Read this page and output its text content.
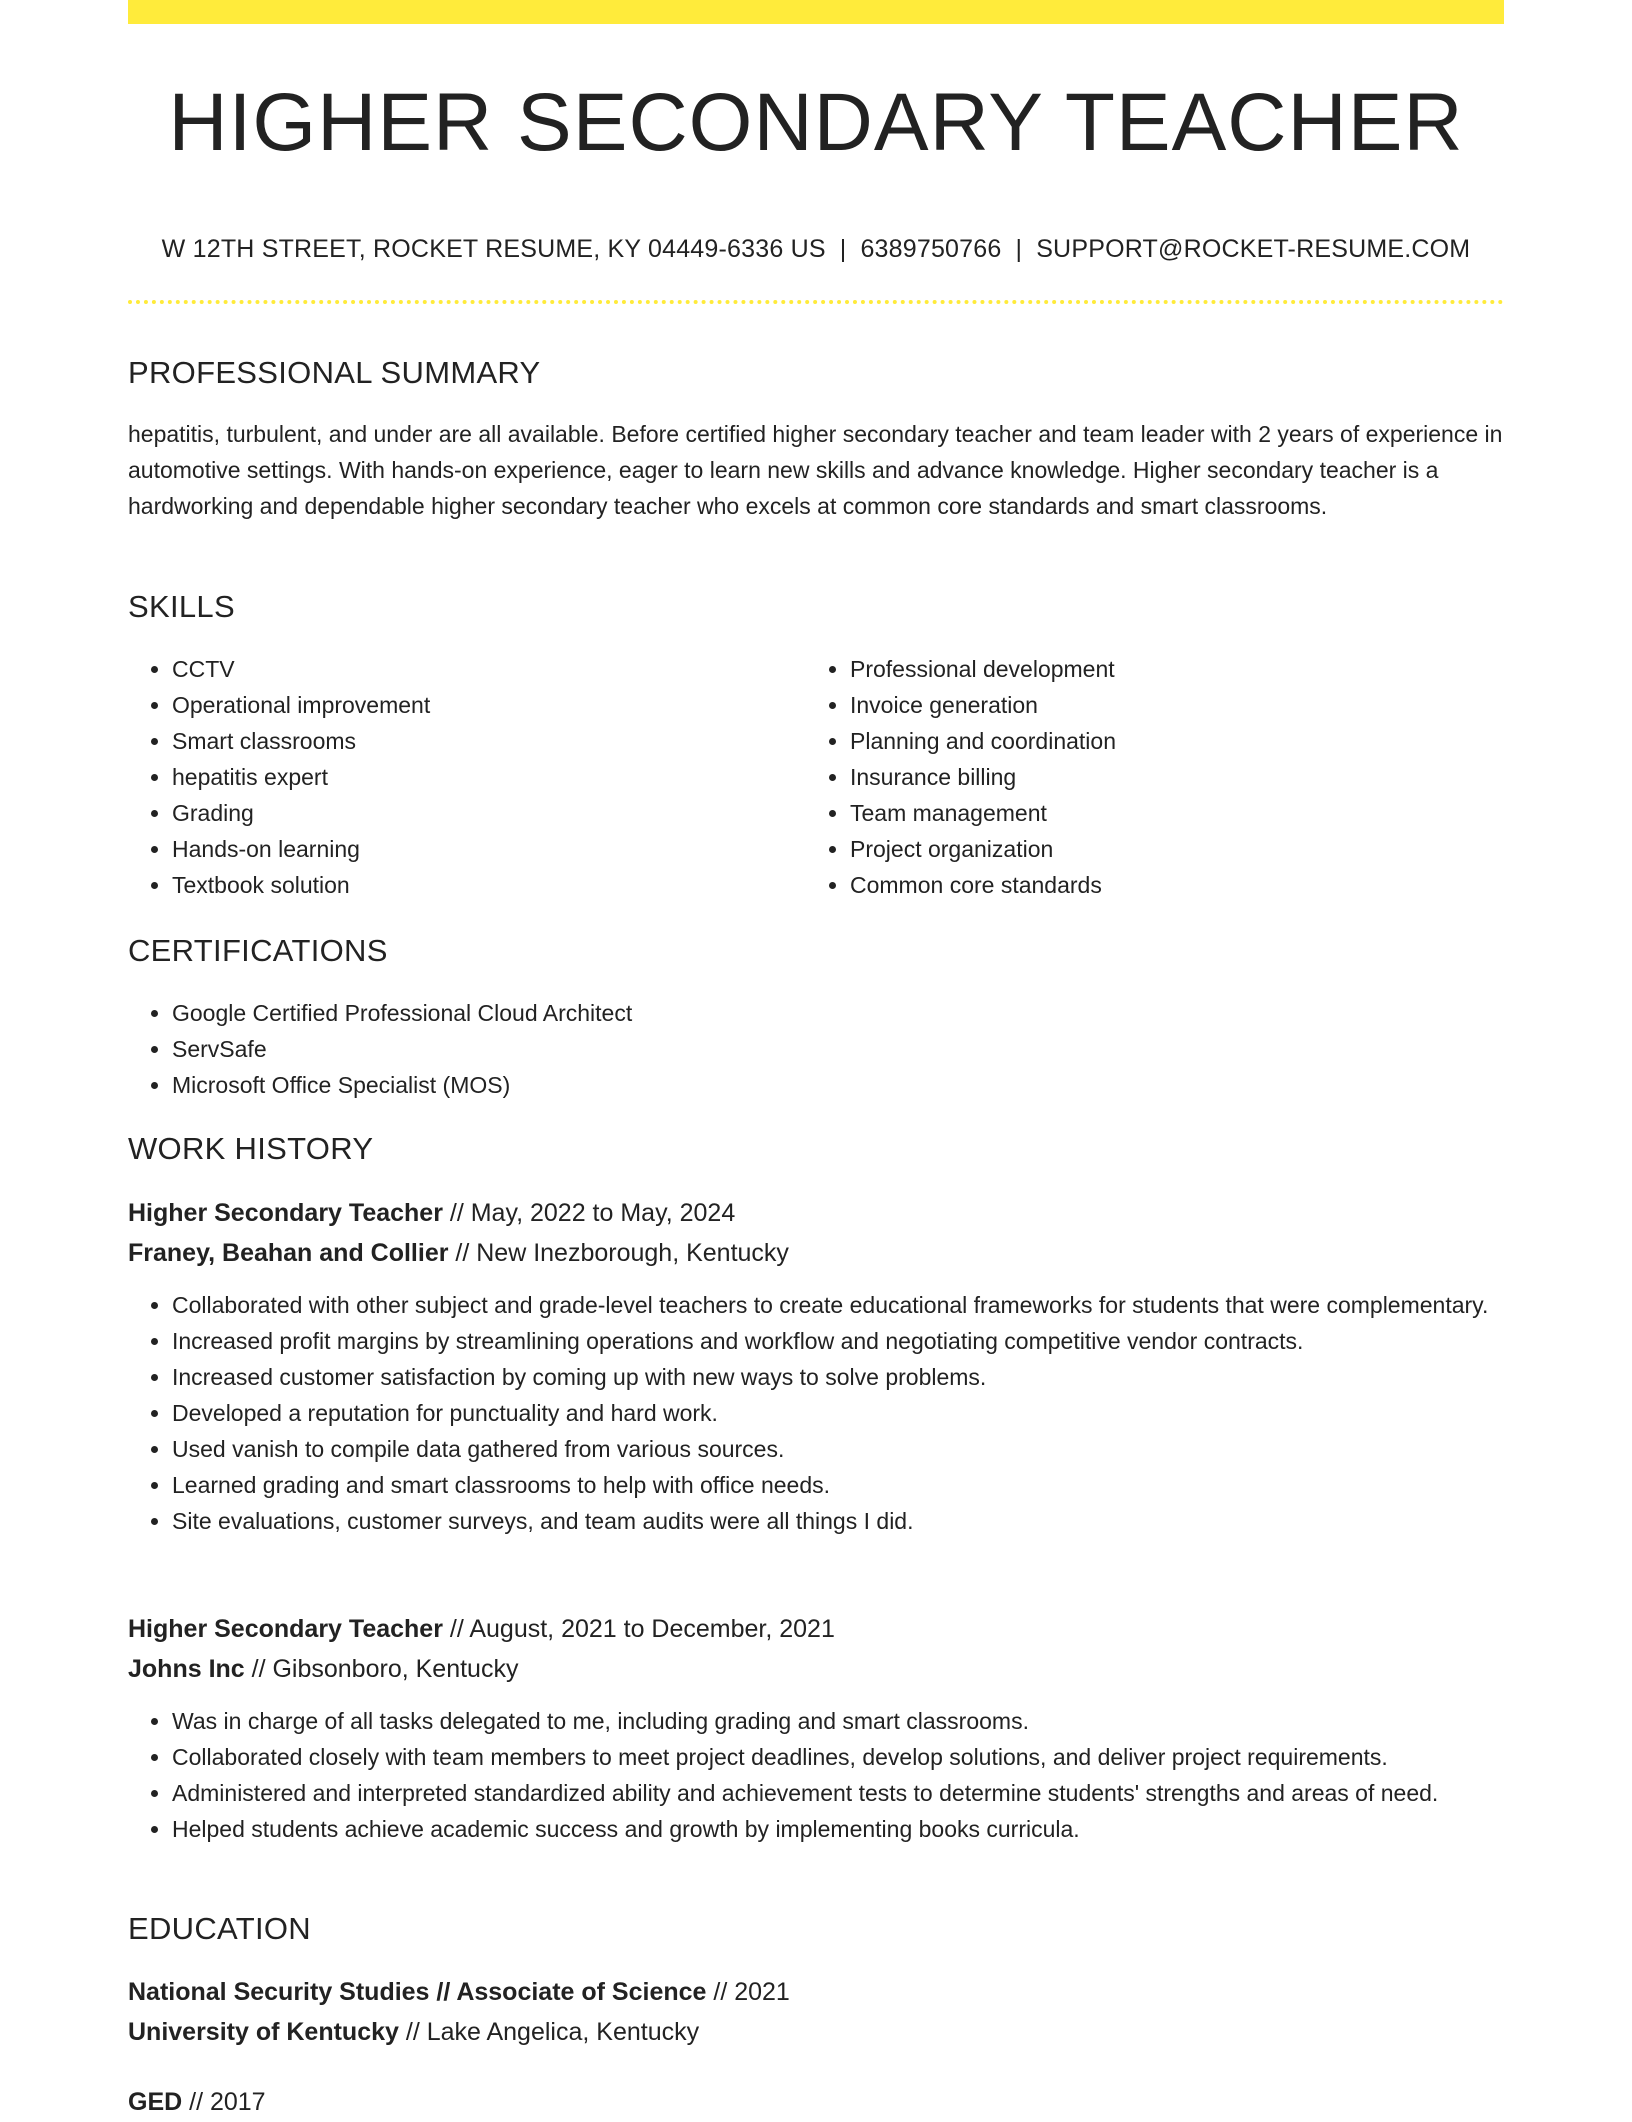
HIGHER SECONDARY TEACHER
W 12TH STREET, ROCKET RESUME, KY 04449-6336 US | 6389750766 | SUPPORT@ROCKET-RESUME.COM
PROFESSIONAL SUMMARY

hepatitis, turbulent, and under are all available. Before certified higher secondary teacher and team leader with 2 years of experience in automotive settings. With hands-on experience, eager to learn new skills and advance knowledge. Higher secondary teacher is a hardworking and dependable higher secondary teacher who excels at common core standards and smart classrooms.

SKILLS
• CCTV
• Operational improvement
• Smart classrooms
• hepatitis expert
• Grading
• Hands-on learning
• Textbook solution
• Professional development
• Invoice generation
• Planning and coordination
• Insurance billing
• Team management
• Project organization
• Common core standards
CERTIFICATIONS
• Google Certified Professional Cloud Architect
• ServSafe
• Microsoft Office Specialist (MOS)
WORK HISTORY

Higher Secondary Teacher // May, 2022 to May, 2024

Franey, Beahan and Collier // New Inezborough, Kentucky

• Collaborated with other subject and grade-level teachers to create educational frameworks for students that were complementary.
• Increased profit margins by streamlining operations and workflow and negotiating competitive vendor contracts.
• Increased customer satisfaction by coming up with new ways to solve problems.
• Developed a reputation for punctuality and hard work.
• Used vanish to compile data gathered from various sources.
• Learned grading and smart classrooms to help with office needs.
• Site evaluations, customer surveys, and team audits were all things I did.

Higher Secondary Teacher // August, 2021 to December, 2021

Johns Inc // Gibsonboro, Kentucky

• Was in charge of all tasks delegated to me, including grading and smart classrooms.
• Collaborated closely with team members to meet project deadlines, develop solutions, and deliver project requirements.
• Administered and interpreted standardized ability and achievement tests to determine students' strengths and areas of need.
• Helped students achieve academic success and growth by implementing books curricula.
EDUCATION

National Security Studies // Associate of Science // 2021

University of Kentucky // Lake Angelica, Kentucky

GED // 2017
